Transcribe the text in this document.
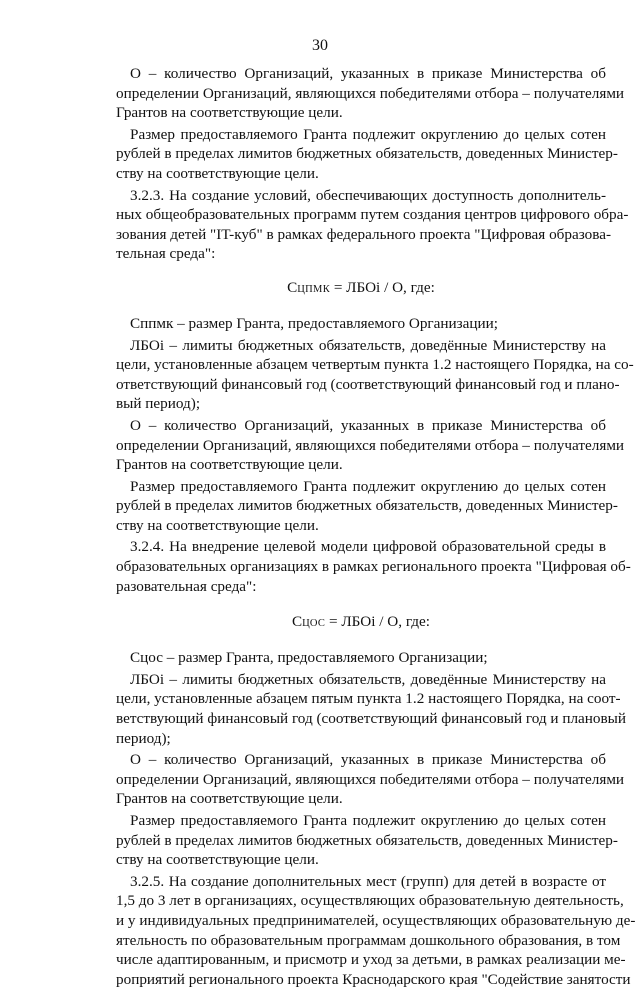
30
О – количество Организаций, указанных в приказе Министерства об
определении Организаций, являющихся победителями отбора – получателями
Грантов на соответствующие цели.
Размер предоставляемого Гранта подлежит округлению до целых сотен
рублей в пределах лимитов бюджетных обязательств, доведенных Министер-
ству на соответствующие цели.
3.2.3. На создание условий, обеспечивающих доступность дополнитель-
ных общеобразовательных программ путем создания центров цифрового обра-
зования детей "IT-куб" в рамках федерального проекта "Цифровая образова-
тельная среда":
СЦПМК = ЛБОi / О, где:
Сппмк – размер Гранта, предоставляемого Организации;
ЛБОi – лимиты бюджетных обязательств, доведённые Министерству на
цели, установленные абзацем четвертым пункта 1.2 настоящего Порядка, на со-
ответствующий финансовый год (соответствующий финансовый год и плано-
вый период);
О – количество Организаций, указанных в приказе Министерства об
определении Организаций, являющихся победителями отбора – получателями
Грантов на соответствующие цели.
Размер предоставляемого Гранта подлежит округлению до целых сотен
рублей в пределах лимитов бюджетных обязательств, доведенных Министер-
ству на соответствующие цели.
3.2.4. На внедрение целевой модели цифровой образовательной среды в
образовательных организациях в рамках регионального проекта "Цифровая об-
разовательная среда":
СЦОС = ЛБОi / О, где:
Сцос – размер Гранта, предоставляемого Организации;
ЛБОi – лимиты бюджетных обязательств, доведённые Министерству на
цели, установленные абзацем пятым пункта 1.2 настоящего Порядка, на соот-
ветствующий финансовый год (соответствующий финансовый год и плановый
период);
О – количество Организаций, указанных в приказе Министерства об
определении Организаций, являющихся победителями отбора – получателями
Грантов на соответствующие цели.
Размер предоставляемого Гранта подлежит округлению до целых сотен
рублей в пределах лимитов бюджетных обязательств, доведенных Министер-
ству на соответствующие цели.
3.2.5. На создание дополнительных мест (групп) для детей в возрасте от
1,5 до 3 лет в организациях, осуществляющих образовательную деятельность,
и у индивидуальных предпринимателей, осуществляющих образовательную де-
ятельность по образовательным программам дошкольного образования, в том
числе адаптированным, и присмотр и уход за детьми, в рамках реализации ме-
роприятий регионального проекта Краснодарского края "Содействие занятости
